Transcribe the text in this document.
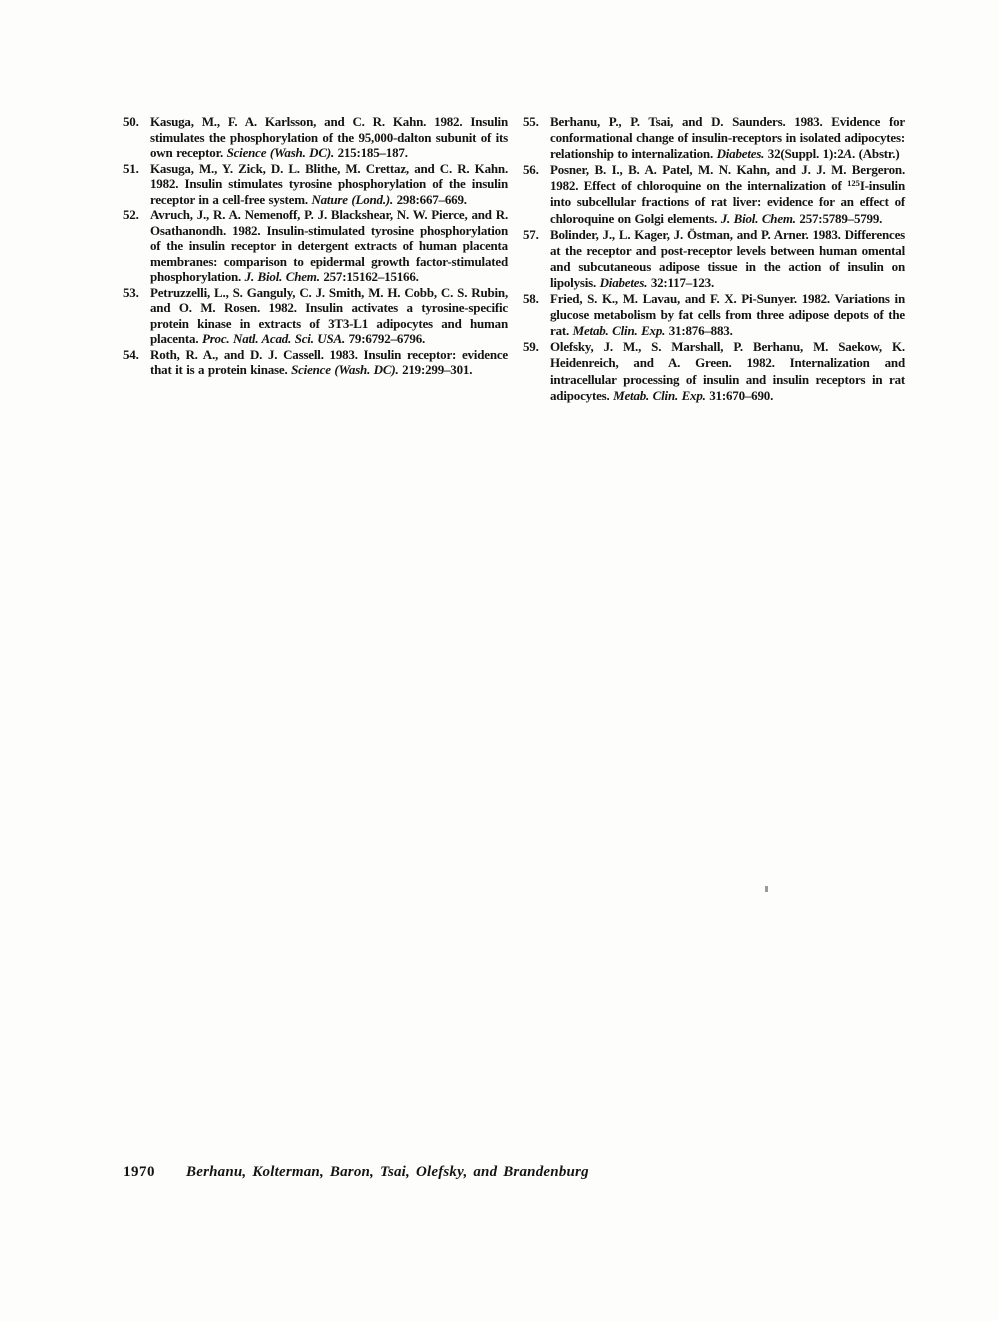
50. Kasuga, M., F. A. Karlsson, and C. R. Kahn. 1982. Insulin stimulates the phosphorylation of the 95,000-dalton subunit of its own receptor. Science (Wash. DC). 215:185–187.
51. Kasuga, M., Y. Zick, D. L. Blithe, M. Crettaz, and C. R. Kahn. 1982. Insulin stimulates tyrosine phosphorylation of the insulin receptor in a cell-free system. Nature (Lond.). 298:667–669.
52. Avruch, J., R. A. Nemenoff, P. J. Blackshear, N. W. Pierce, and R. Osathanondh. 1982. Insulin-stimulated tyrosine phosphorylation of the insulin receptor in detergent extracts of human placenta membranes: comparison to epidermal growth factor-stimulated phosphorylation. J. Biol. Chem. 257:15162–15166.
53. Petruzzelli, L., S. Ganguly, C. J. Smith, M. H. Cobb, C. S. Rubin, and O. M. Rosen. 1982. Insulin activates a tyrosine-specific protein kinase in extracts of 3T3-L1 adipocytes and human placenta. Proc. Natl. Acad. Sci. USA. 79:6792–6796.
54. Roth, R. A., and D. J. Cassell. 1983. Insulin receptor: evidence that it is a protein kinase. Science (Wash. DC). 219:299–301.
55. Berhanu, P., P. Tsai, and D. Saunders. 1983. Evidence for conformational change of insulin-receptors in isolated adipocytes: relationship to internalization. Diabetes. 32(Suppl. 1):2A. (Abstr.)
56. Posner, B. I., B. A. Patel, M. N. Kahn, and J. J. M. Bergeron. 1982. Effect of chloroquine on the internalization of $^{125}$I-insulin into subcellular fractions of rat liver: evidence for an effect of chloroquine on Golgi elements. J. Biol. Chem. 257:5789–5799.
57. Bolinder, J., L. Kager, J. Östman, and P. Arner. 1983. Differences at the receptor and post-receptor levels between human omental and subcutaneous adipose tissue in the action of insulin on lipolysis. Diabetes. 32:117–123.
58. Fried, S. K., M. Lavau, and F. X. Pi-Sunyer. 1982. Variations in glucose metabolism by fat cells from three adipose depots of the rat. Metab. Clin. Exp. 31:876–883.
59. Olefsky, J. M., S. Marshall, P. Berhanu, M. Saekow, K. Heidenreich, and A. Green. 1982. Internalization and intracellular processing of insulin and insulin receptors in rat adipocytes. Metab. Clin. Exp. 31:670–690.
1970 Berhanu, Kolterman, Baron, Tsai, Olefsky, and Brandenburg
